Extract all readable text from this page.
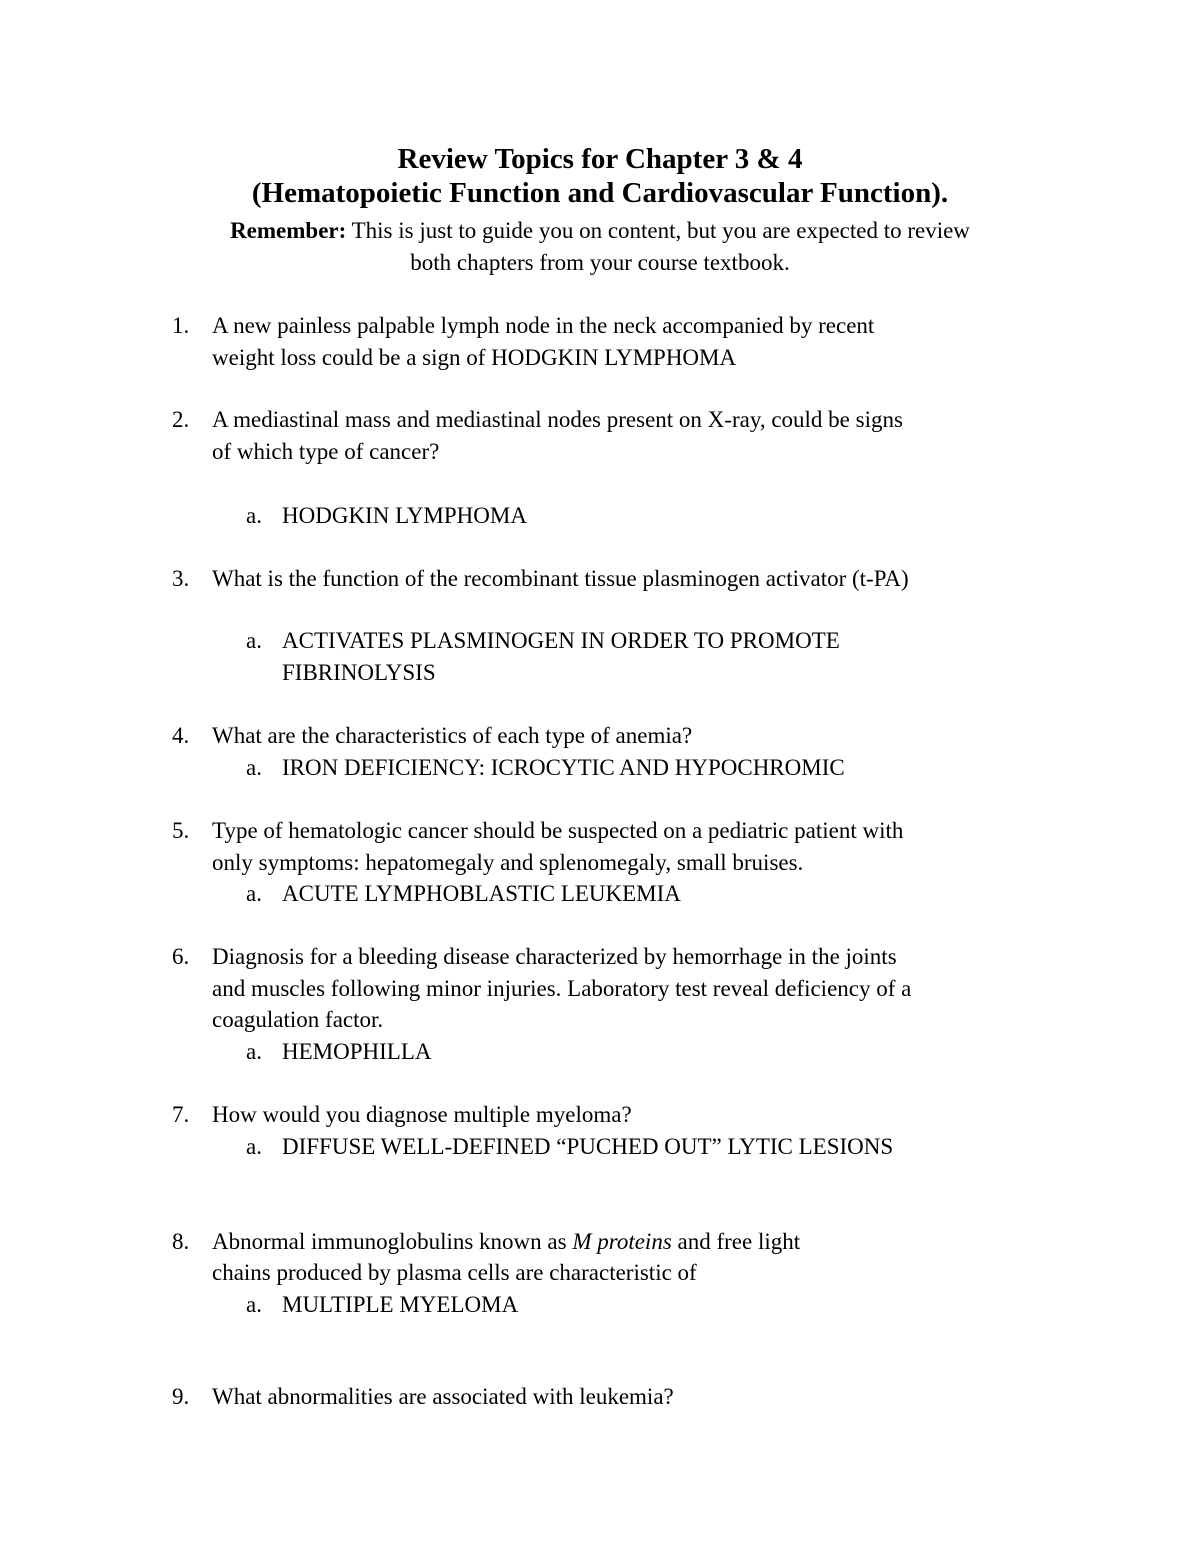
Review Topics for Chapter 3 & 4
(Hematopoietic Function and Cardiovascular Function).
Remember: This is just to guide you on content, but you are expected to review
both chapters from your course textbook.
1. A new painless palpable lymph node in the neck accompanied by recent
weight loss could be a sign of HODGKIN LYMPHOMA
2. A mediastinal mass and mediastinal nodes present on X-ray, could be signs
of which type of cancer?
a. HODGKIN LYMPHOMA
3. What is the function of the recombinant tissue plasminogen activator (t-PA)
a. ACTIVATES PLASMINOGEN IN ORDER TO PROMOTE
FIBRINOLYSIS
4. What are the characteristics of each type of anemia?
a. IRON DEFICIENCY: ICROCYTIC AND HYPOCHROMIC
5. Type of hematologic cancer should be suspected on a pediatric patient with
only symptoms: hepatomegaly and splenomegaly, small bruises.
a. ACUTE LYMPHOBLASTIC LEUKEMIA
6. Diagnosis for a bleeding disease characterized by hemorrhage in the joints
and muscles following minor injuries. Laboratory test reveal deficiency of a
coagulation factor.
a. HEMOPHILLA
7. How would you diagnose multiple myeloma?
a. DIFFUSE WELL-DEFINED “PUCHED OUT” LYTIC LESIONS
8. Abnormal immunoglobulins known as M proteins and free light
chains produced by plasma cells are characteristic of
a. MULTIPLE MYELOMA
9. What abnormalities are associated with leukemia?
